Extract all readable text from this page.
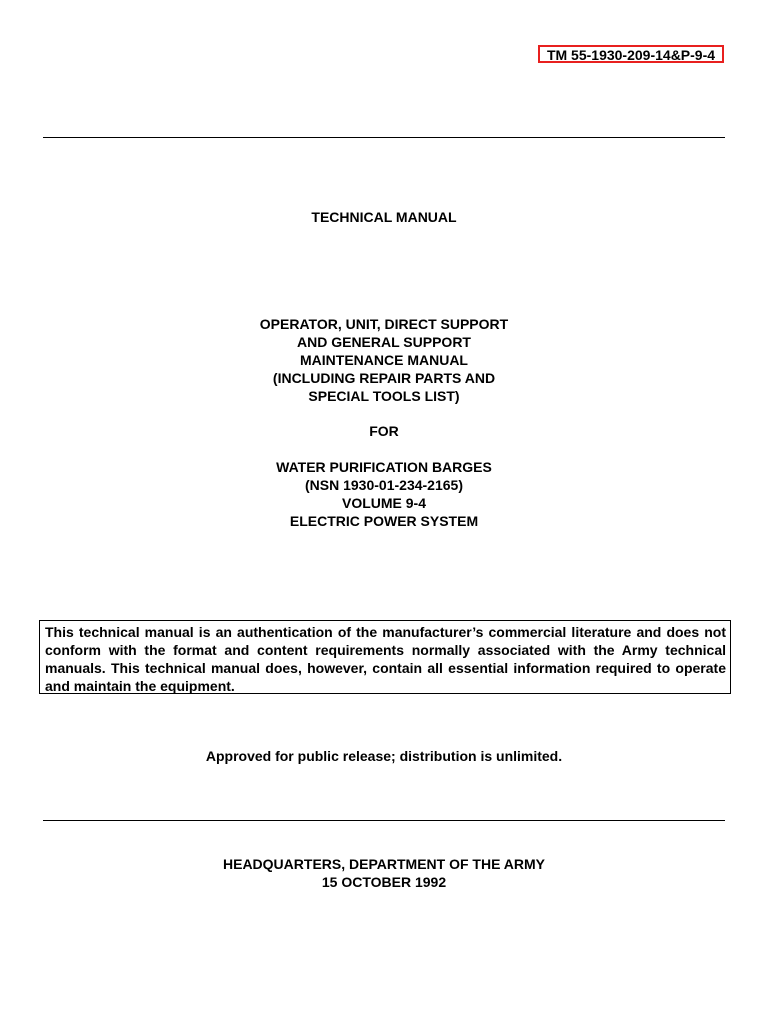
TM 55-1930-209-14&P-9-4
TECHNICAL MANUAL
OPERATOR, UNIT, DIRECT SUPPORT
AND GENERAL SUPPORT
MAINTENANCE MANUAL
(INCLUDING REPAIR PARTS AND
SPECIAL TOOLS LIST)
FOR
WATER PURIFICATION BARGES
(NSN 1930-01-234-2165)
VOLUME 9-4
ELECTRIC POWER SYSTEM
This technical manual is an authentication of the manufacturer’s commercial literature and does not conform with the format and content requirements normally associated with the Army technical manuals. This technical manual does, however, contain all essential information required to operate and maintain the equipment.
Approved for public release; distribution is unlimited.
HEADQUARTERS, DEPARTMENT OF THE ARMY
15 OCTOBER 1992
